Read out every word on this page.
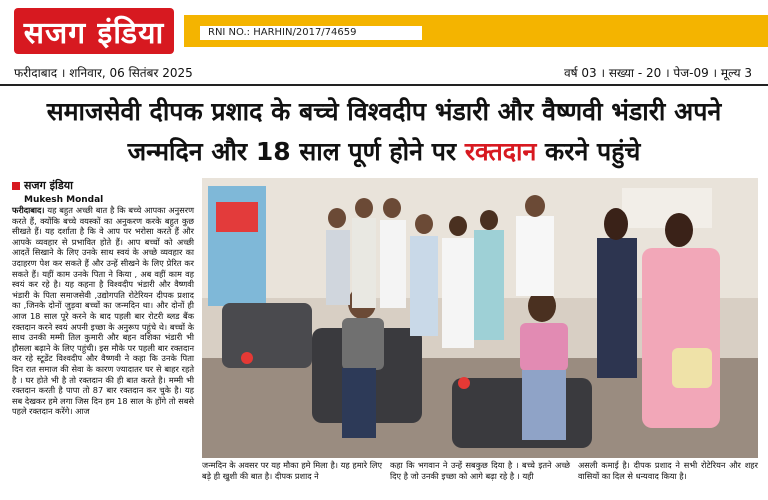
सजग इंडिया	RNI NO.: HARHIN/2017/74659
फरीदाबाद । शनिवार, 06 सितंबर 2025	वर्ष 03 । सख्या - 20 । पेज-09 । मूल्य 3
समाजसेवी दीपक प्रशाद के बच्चे विश्वदीप भंडारी और वैष्णवी भंडारी अपने
जन्मदिन और 18 साल पूर्ण होने पर रक्तदान करने पहुंचे
सजग इंडिया
Mukesh Mondal
फरीदाबाद। यह बहुत अच्छी बात है कि बच्चे आपका अनुसरण करते हैं, क्योंकि बच्चे वयस्कों का अनुकरण करके बहुत कुछ सीखते हैं। यह दर्शाता है कि वे आप पर भरोसा करते हैं और आपके व्यवहार से प्रभावित होते हैं। आप बच्चों को अच्छी आदतें सिखाने के लिए उनके साथ स्वयं के अच्छे व्यवहार का उदाहरण पेश कर सकते हैं और उन्हें सीखने के लिए प्रेरित कर सकते हैं। यहीं काम उनके पिता ने किया , अब वहीं काम वह स्वयं कर रहे है। यह कहना है विश्वदीप भंडारी और वैष्णवी भंडारी के पिता समाजसेवी ,उद्योगपति रोटेरियन दीपक प्रशाद का ,जिनके दोनों जुड़वा बच्चों का जन्मदिन था। और दोनों ही आज 18 साल पूरे करने के बाद पहली बार रोटरी ब्लड बैंक रक्तदान करने स्वयं अपनी इच्छा के अनुरूप पहुंचे थे। बच्चों के साथ उनकी मम्मी तिल कुमारी और बहन वशिका भंडारी भी हौसला बढ़ाने के लिए पहुंची। इस मौके पर पहली बार रक्तदान कर रहे स्टूडेंट विश्वदीप और वैष्णवी ने कहा कि उनके पिता दिन रात समाज की सेवा के कारण ज्यादातर घर से बाहर रहते है । घर होते भी है तो रक्तदान की ही बात करते है। मम्मी भी रक्तदान करती है पापा तो 87 बार रक्तदान कर चुके है। यह सब देखकर हमे लगा जिस दिन हम 18 साल के होंगे तो सबसे पहले रक्तदान करेंगे। आज
जन्मदिन के अवसर पर यह मौका हमे मिला है। यह हमारे लिए बड़े ही खुशी की बात है। दीपक प्रशाद ने
कहा कि भगवान ने उन्हें सबकुछ दिया है । बच्चे इतने अच्छे दिए है जो उनकी इच्छा को आगे बढ़ा रहे है । यही
असली कमाई है। दीपक प्रशाद ने सभी रोटेरियन और शहर वासियों का दिल से धन्यवाद किया है।
